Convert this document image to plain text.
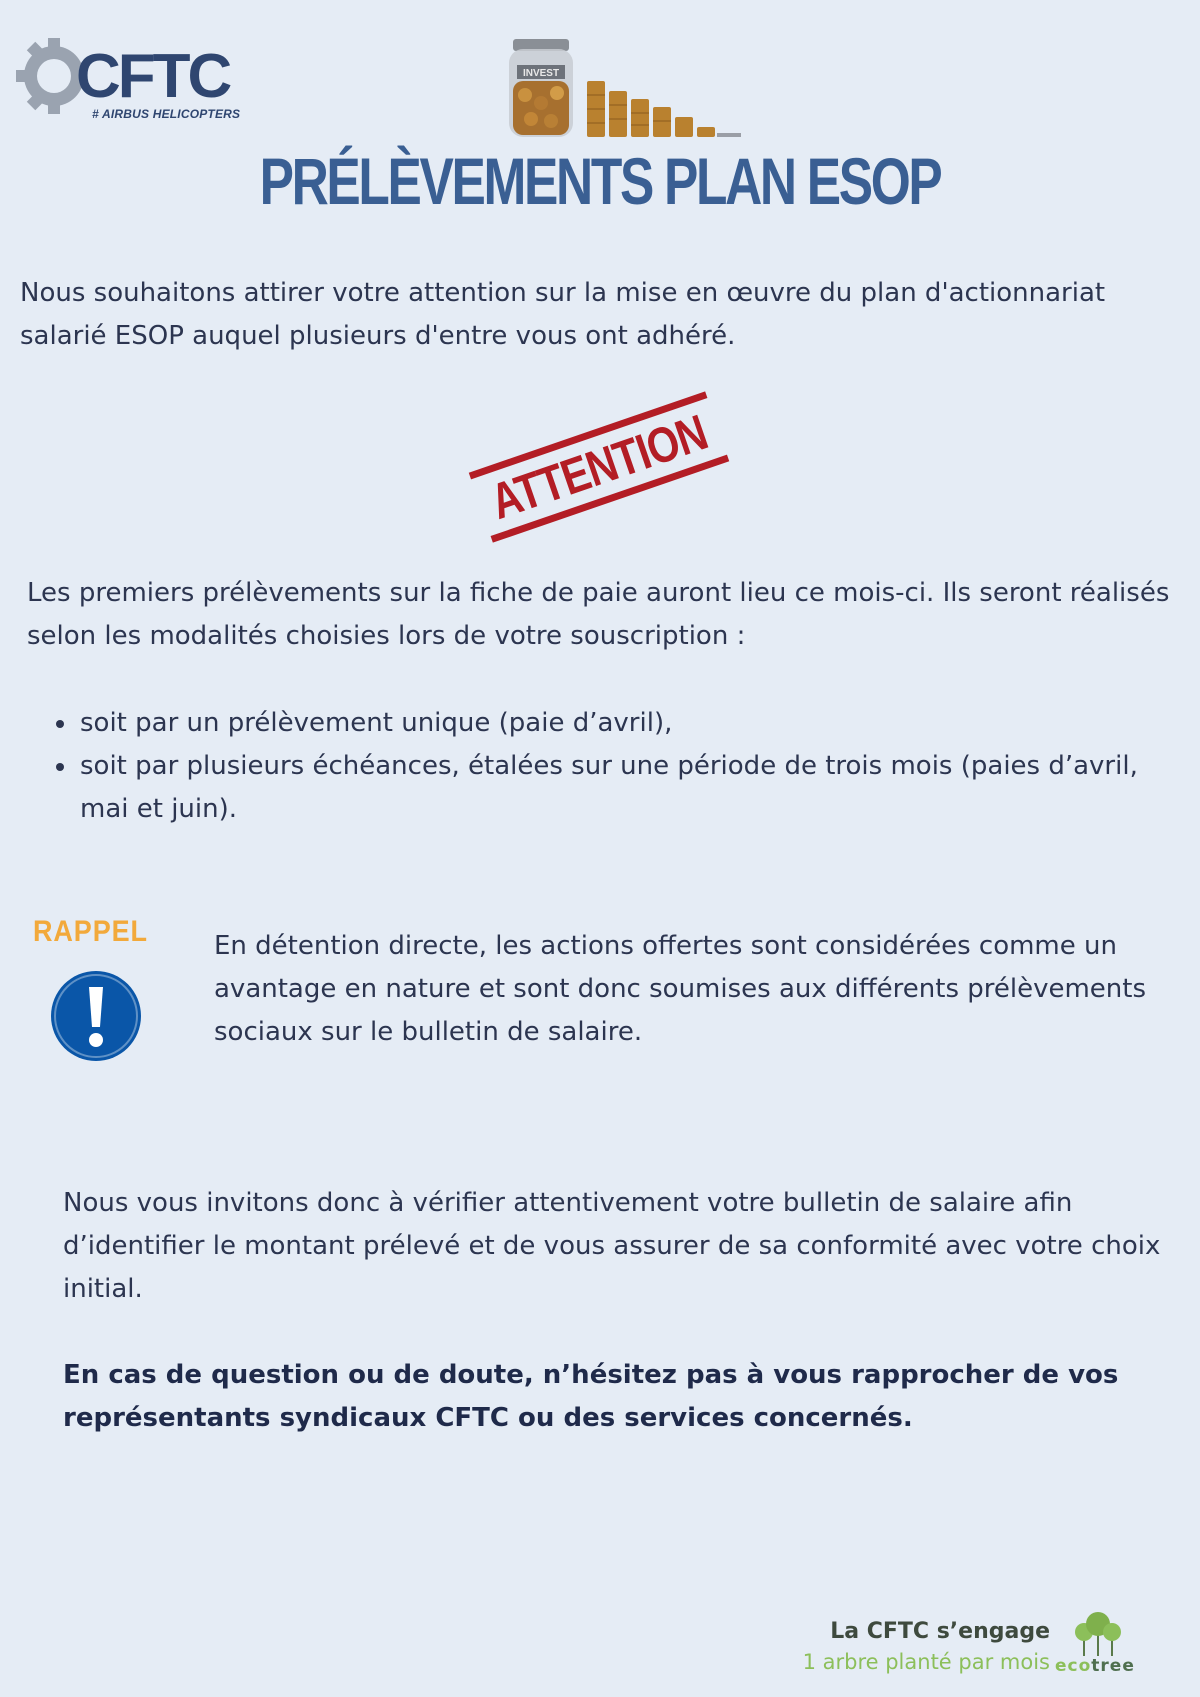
CFTC
# AIRBUS HELICOPTERS
INVEST
PRÉLÈVEMENTS PLAN ESOP
Nous souhaitons attirer votre attention sur la mise en œuvre du plan d'actionnariat salarié ESOP auquel plusieurs d'entre vous ont adhéré.
ATTENTION
Les premiers prélèvements sur la fiche de paie auront lieu ce mois-ci. Ils seront réalisés selon les modalités choisies lors de votre souscription :
soit par un prélèvement unique (paie d’avril),
soit par plusieurs échéances, étalées sur une période de trois mois (paies d’avril, mai et juin).
RAPPEL	En détention directe, les actions offertes sont considérées comme un avantage en nature et sont donc soumises aux différents prélèvements sociaux sur le bulletin de salaire.
Nous vous invitons donc à vérifier attentivement votre bulletin de salaire afin d’identifier le montant prélevé et de vous assurer de sa conformité avec votre choix initial.
En cas de question ou de doute, n’hésitez pas à vous rapprocher de vos représentants syndicaux CFTC ou des services concernés.
La CFTC s’engage
1 arbre planté par mois ecotree
